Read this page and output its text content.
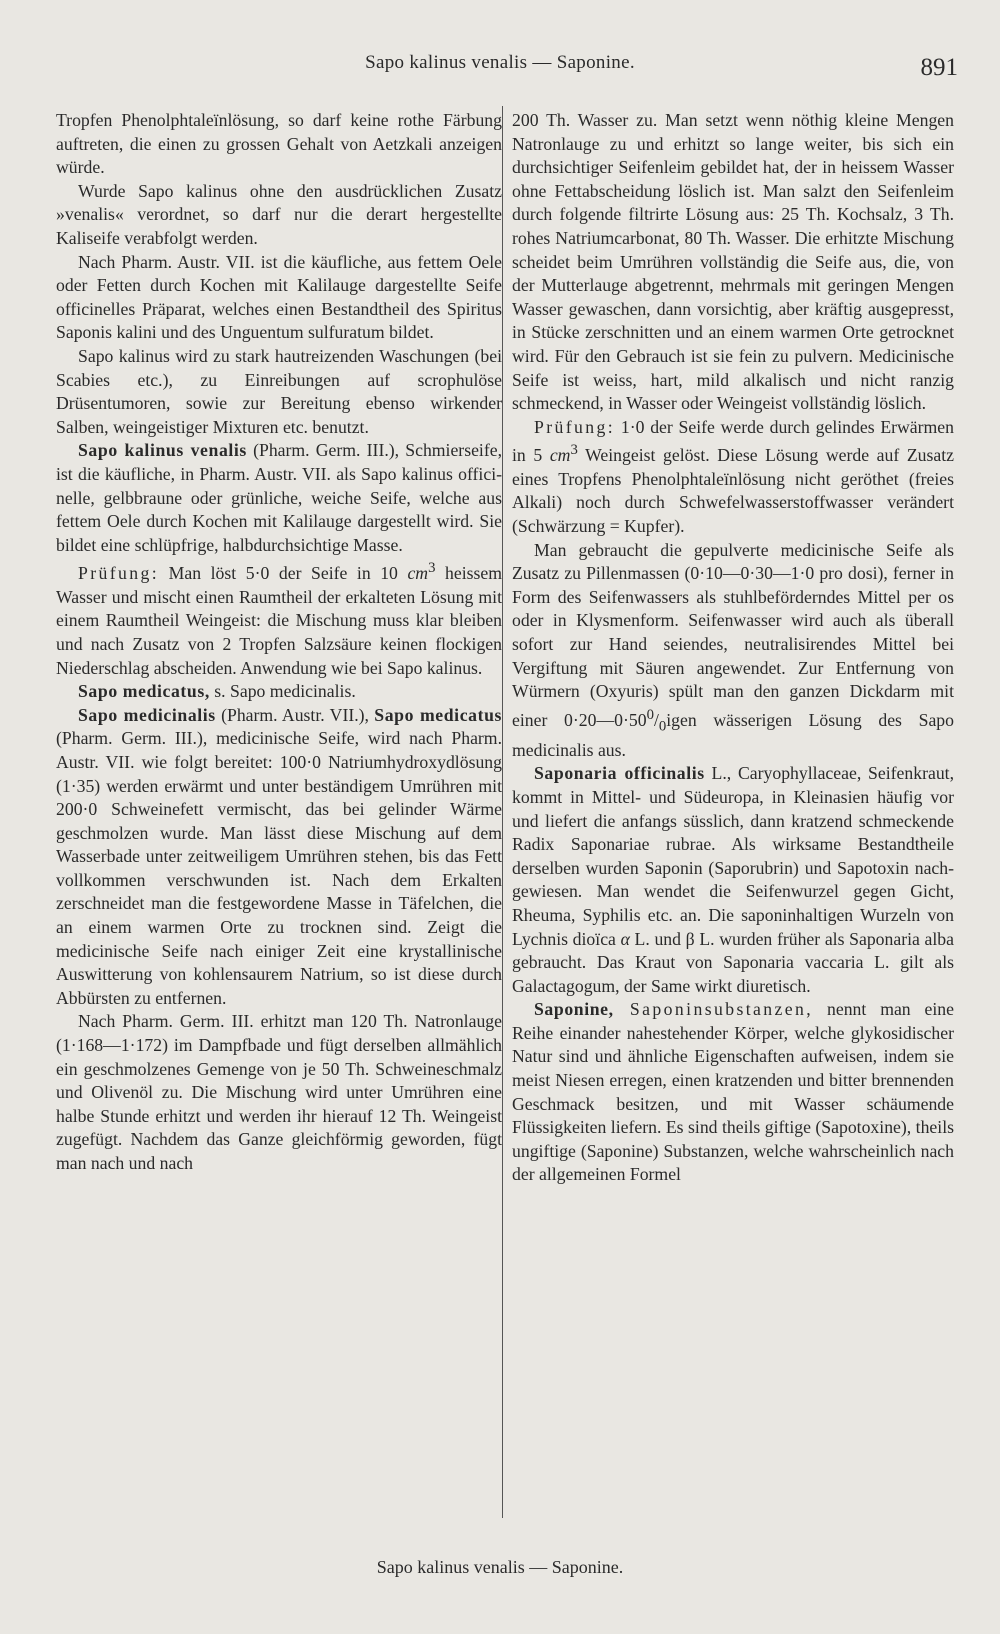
Sapo kalinus venalis — Saponine.	891

Tropfen Phenolphtaleïnlösung, so darf keine rothe Färbung auftreten, die einen zu grossen Gehalt von Aetzkali anzeigen würde.

Wurde Sapo kalinus ohne den ausdrücklichen Zusatz »venalis« verordnet, so darf nur die derart hergestellte Kaliseife verabfolgt werden.

Nach Pharm. Austr. VII. ist die käufliche, aus fettem Oele oder Fetten durch Kochen mit Kalilauge dargestellte Seife officinelles Präparat, welches einen Bestandtheil des Spiritus Saponis kalini und des Unguentum sulfuratum bildet.

Sapo kalinus wird zu stark hautreizenden Waschungen (bei Scabies etc.), zu Einreibungen auf scrophulöse Drüsentumoren, sowie zur Bereitung ebenso wirkender Salben, weingeistiger Mixturen etc. benutzt.

Sapo kalinus venalis (Pharm. Germ. III.), Schmierseife, ist die käufliche, in Pharm. Austr. VII. als Sapo kalinus officinelle, gelbbraune oder grünliche, weiche Seife, welche aus fettem Oele durch Kochen mit Kalilauge dargestellt wird. Sie bildet eine schlüpfrige, halbdurchsichtige Masse.

Prüfung: Man löst 5·0 der Seife in 10 $cm^3$ heissem Wasser und mischt einen Raumtheil der erkalteten Lösung mit einem Raumtheil Weingeist: die Mischung muss klar bleiben und nach Zusatz von 2 Tropfen Salzsäure keinen flockigen Niederschlag abscheiden. Anwendung wie bei Sapo kalinus.

Sapo medicatus, s. Sapo medicinalis.

Sapo medicinalis (Pharm. Austr. VII.), Sapo medicatus (Pharm. Germ. III.), medicinische Seife, wird nach Pharm. Austr. VII. wie folgt bereitet: 100·0 Natriumhydroxydlösung (1·35) werden erwärmt und unter beständigem Umrühren mit 200·0 Schweinefett vermischt, das bei gelinder Wärme geschmolzen wurde. Man lässt diese Mischung auf dem Wasserbade unter zeitweiligem Umrühren stehen, bis das Fett vollkommen verschwunden ist. Nach dem Erkalten zerschneidet man die festgewordene Masse in Täfelchen, die an einem warmen Orte zu trocknen sind. Zeigt die medicinische Seife nach einiger Zeit eine krystallinische Auswitterung von kohlensaurem Natrium, so ist diese durch Abbürsten zu entfernen.

Nach Pharm. Germ. III. erhitzt man 120 Th. Natronlauge (1·168—1·172) im Dampfbade und fügt derselben allmählich ein geschmolzenes Gemenge von je 50 Th. Schweineschmalz und Olivenöl zu. Die Mischung wird unter Umrühren eine halbe Stunde erhitzt und werden ihr hierauf 12 Th. Weingeist zugefügt. Nachdem das Ganze gleichförmig geworden, fügt man nach und nach

200 Th. Wasser zu. Man setzt wenn nöthig kleine Mengen Natronlauge zu und erhitzt so lange weiter, bis sich ein durchsichtiger Seifenleim gebildet hat, der in heissem Wasser ohne Fettabscheidung löslich ist. Man salzt den Seifenleim durch folgende filtrirte Lösung aus: 25 Th. Kochsalz, 3 Th. rohes Natriumcarbonat, 80 Th. Wasser. Die erhitzte Mischung scheidet beim Umrühren vollständig die Seife aus, die, von der Mutterlauge abgetrennt, mehrmals mit geringen Mengen Wasser gewaschen, dann vorsichtig, aber kräftig ausgepresst, in Stücke zerschnitten und an einem warmen Orte getrocknet wird. Für den Gebrauch ist sie fein zu pulvern. Medicinische Seife ist weiss, hart, mild alkalisch und nicht ranzig schmeckend, in Wasser oder Weingeist vollständig löslich.

Prüfung: 1·0 der Seife werde durch gelindes Erwärmen in 5 $cm^3$ Weingeist gelöst. Diese Lösung werde auf Zusatz eines Tropfens Phenolphtaleïnlösung nicht geröthet (freies Alkali) noch durch Schwefelwasserstoffwasser verändert (Schwärzung = Kupfer).

Man gebraucht die gepulverte medicinische Seife als Zusatz zu Pillenmassen (0·10—0·30—1·0 pro dosi), ferner in Form des Seifenwassers als stuhlbeförderndes Mittel per os oder in Klysmenform. Seifenwasser wird auch als überall sofort zur Hand seiendes, neutralisirendes Mittel bei Vergiftung mit Säuren angewendet. Zur Entfernung von Würmern (Oxyuris) spült man den ganzen Dickdarm mit einer $0\cdot 20—0\cdot 50^0/_0igen$ wässerigen Lösung des Sapo medicinalis aus.

Saponaria officinalis L., Caryophyllaceae, Seifenkraut, kommt in Mittel- und Südeuropa, in Kleinasien häufig vor und liefert die anfangs süsslich, dann kratzend schmeckende Radix Saponariae rubrae. Als wirksame Bestandtheile derselben wurden Saponin (Saporubrin) und Sapotoxin nachgewiesen. Man wendet die Seifenwurzel gegen Gicht, Rheuma, Syphilis etc. an. Die saponinhaltigen Wurzeln von Lychnis dioïca α L. und β L. wurden früher als Saponaria alba gebraucht. Das Kraut von Saponaria vaccaria L. gilt als Galactagogum, der Same wirkt diuretisch.

Saponine, Saponinsubstanzen, nennt man eine Reihe einander nahestehender Körper, welche glykosidischer Natur sind und ähnliche Eigenschaften aufweisen, indem sie meist Niesen erregen, einen kratzenden und bitter brennenden Geschmack besitzen, und mit Wasser schäumende Flüssigkeiten liefern. Es sind theils giftige (Sapotoxine), theils ungiftige (Saponine) Substanzen, welche wahrscheinlich nach der allgemeinen Formel

Sapo kalinus venalis — Saponine.
